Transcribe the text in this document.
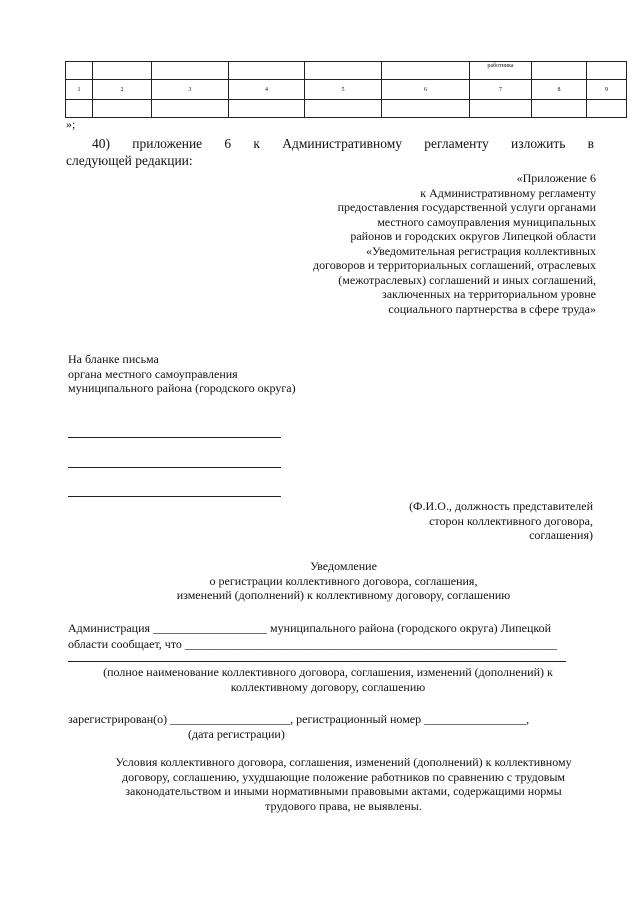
						работника		
1	2	3	4	5	6	7	8	9

»;
40) приложение 6 к Административному регламенту изложить в
следующей редакции:
«Приложение 6
к Административному регламенту
предоставления государственной услуги органами
местного самоуправления муниципальных
районов и городских округов Липецкой области
«Уведомительная регистрация коллективных
договоров и территориальных соглашений, отраслевых
(межотраслевых) соглашений и иных соглашений,
заключенных на территориальном уровне
социального партнерства в сфере труда»
На бланке письма
органа местного самоуправления
муниципального района (городского округа)
(Ф.И.О., должность представителей
сторон коллективного договора,
соглашения)
Уведомление
о регистрации коллективного договора, соглашения,
изменений (дополнений) к коллективному договору, соглашению
Администрация ___________________ муниципального района (городского округа) Липецкой
области сообщает, что ______________________________________________________________
(полное наименование коллективного договора, соглашения, изменений (дополнений) к
коллективному договору, соглашению
зарегистрирован(о) ____________________, регистрационный номер _________________,
(дата регистрации)
Условия коллективного договора, соглашения, изменений (дополнений) к коллективному
договору, соглашению, ухудшающие положение работников по сравнению с трудовым
законодательством и иными нормативными правовыми актами, содержащими нормы
трудового права, не выявлены.
